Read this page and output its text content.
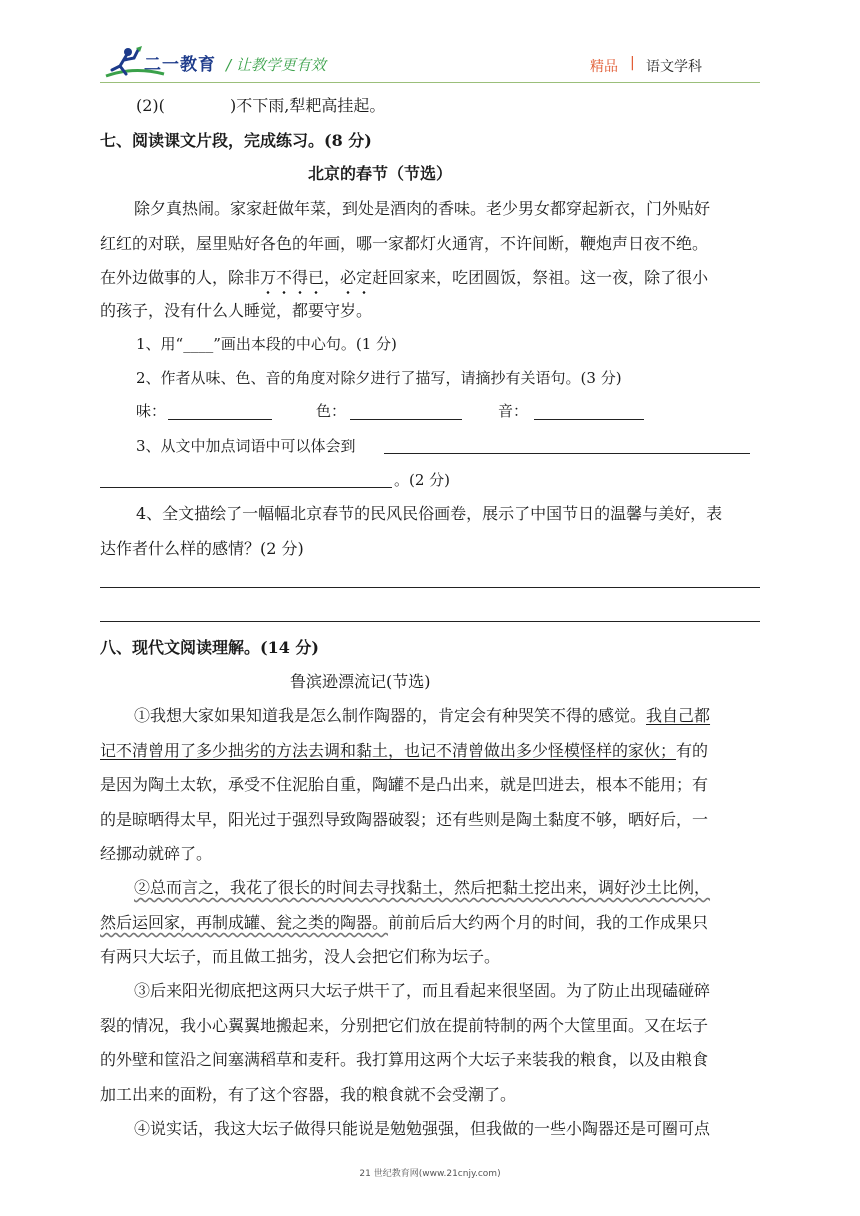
二一教育 / 让教学更有效	精品 | 语文学科
(2)(	)不下雨,犁耙高挂起。
七、阅读课文片段，完成练习。(8 分)
北京的春节（节选）
除夕真热闹。家家赶做年菜，到处是酒肉的香味。老少男女都穿起新衣，门外贴好
红红的对联，屋里贴好各色的年画，哪一家都灯火通宵，不许间断，鞭炮声日夜不绝。
在外边做事的人，除非万不得已，必定赶回家来，吃团圆饭，祭祖。这一夜，除了很小
的孩子，没有什么人睡觉，都要守岁。
1、用“____”画出本段的中心句。(1 分)
2、作者从味、色、音的角度对除夕进行了描写，请摘抄有关语句。(3 分)
味：	色：	音：
3、从文中加点词语中可以体会到
。(2 分)
4、全文描绘了一幅幅北京春节的民风民俗画卷，展示了中国节日的温馨与美好，表
达作者什么样的感情？(2 分)
八、现代文阅读理解。(14 分)
鲁滨逊漂流记(节选)
①我想大家如果知道我是怎么制作陶器的，肯定会有种哭笑不得的感觉。我自己都
记不清曾用了多少拙劣的方法去调和黏土，也记不清曾做出多少怪模怪样的家伙；有的
是因为陶土太软，承受不住泥胎自重，陶罐不是凸出来，就是凹进去，根本不能用；有
的是晾晒得太早，阳光过于强烈导致陶器破裂；还有些则是陶土黏度不够，晒好后，一
经挪动就碎了。
②总而言之，我花了很长的时间去寻找黏土，然后把黏土挖出来，调好沙土比例，
然后运回家，再制成罐、瓮之类的陶器。前前后后大约两个月的时间，我的工作成果只
有两只大坛子，而且做工拙劣，没人会把它们称为坛子。
③后来阳光彻底把这两只大坛子烘干了，而且看起来很坚固。为了防止出现磕碰碎
裂的情况，我小心翼翼地搬起来，分别把它们放在提前特制的两个大筐里面。又在坛子
的外壁和筐沿之间塞满稻草和麦秆。我打算用这两个大坛子来装我的粮食，以及由粮食
加工出来的面粉，有了这个容器，我的粮食就不会受潮了。
④说实话，我这大坛子做得只能说是勉勉强强，但我做的一些小陶器还是可圈可点
21 世纪教育网(www.21cnjy.com)
